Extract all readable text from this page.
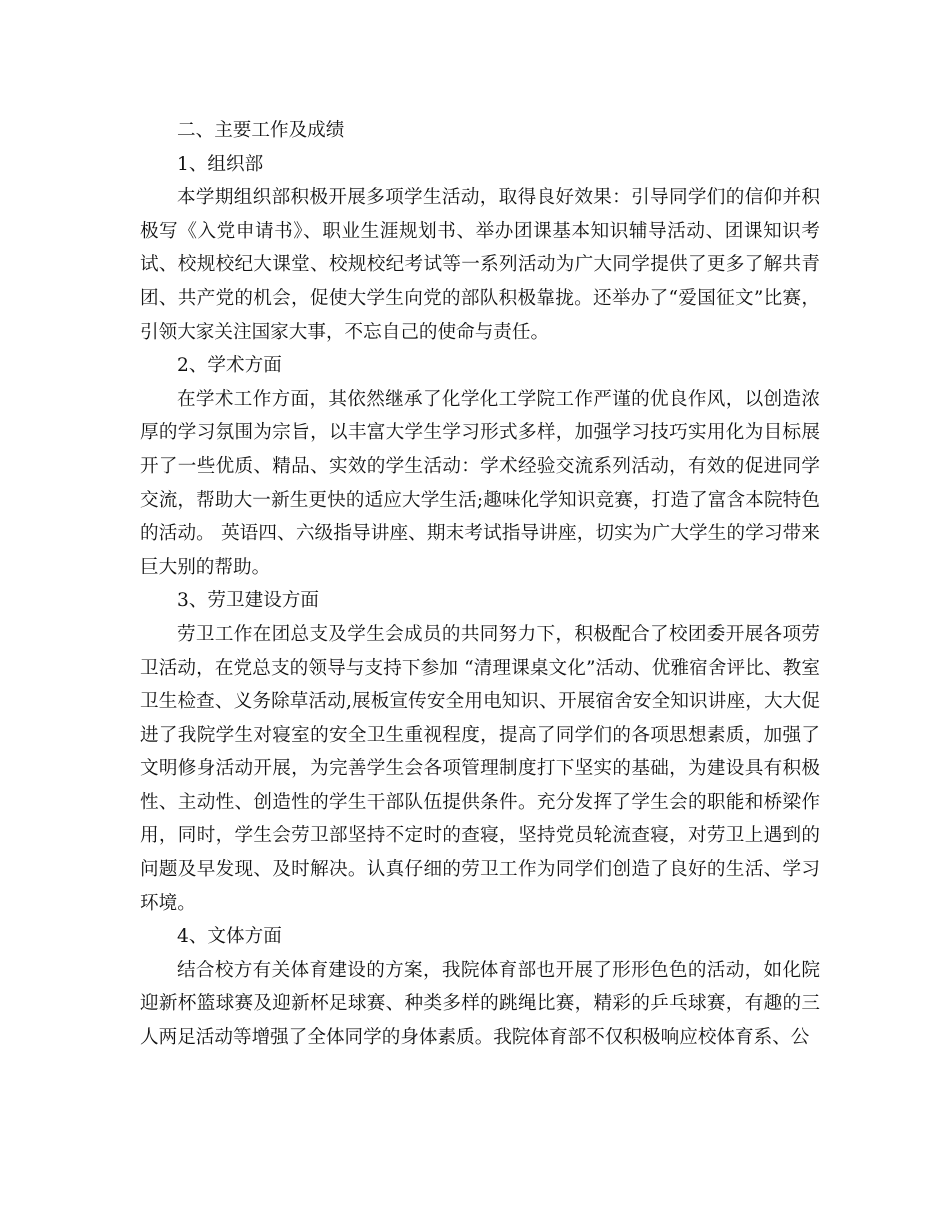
二、主要工作及成绩

1、组织部

本学期组织部积极开展多项学生活动，取得良好效果：引导同学们的信仰并积极写《入党申请书》、职业生涯规划书、举办团课基本知识辅导活动、团课知识考试、校规校纪大课堂、校规校纪考试等一系列活动为广大同学提供了更多了解共青团、共产党的机会，促使大学生向党的部队积极靠拢。还举办了“爱国征文”比赛，引领大家关注国家大事，不忘自己的使命与责任。

2、学术方面

在学术工作方面，其依然继承了化学化工学院工作严谨的优良作风，以创造浓厚的学习氛围为宗旨，以丰富大学生学习形式多样，加强学习技巧实用化为目标展开了一些优质、精品、实效的学生活动：学术经验交流系列活动，有效的促进同学交流，帮助大一新生更快的适应大学生活;趣味化学知识竞赛，打造了富含本院特色的活动。 英语四、六级指导讲座、期末考试指导讲座，切实为广大学生的学习带来巨大别的帮助。

3、劳卫建设方面

劳卫工作在团总支及学生会成员的共同努力下，积极配合了校团委开展各项劳卫活动，在党总支的领导与支持下参加 “清理课桌文化”活动、优雅宿舍评比、教室卫生检查、义务除草活动,展板宣传安全用电知识、开展宿舍安全知识讲座，大大促进了我院学生对寝室的安全卫生重视程度，提高了同学们的各项思想素质，加强了文明修身活动开展，为完善学生会各项管理制度打下坚实的基础，为建设具有积极性、主动性、创造性的学生干部队伍提供条件。充分发挥了学生会的职能和桥梁作用，同时，学生会劳卫部坚持不定时的查寝，坚持党员轮流查寝，对劳卫上遇到的问题及早发现、及时解决。认真仔细的劳卫工作为同学们创造了良好的生活、学习环境。

4、文体方面

结合校方有关体育建设的方案，我院体育部也开展了形形色色的活动，如化院迎新杯篮球赛及迎新杯足球赛、种类多样的跳绳比赛，精彩的乒乓球赛，有趣的三人两足活动等增强了全体同学的身体素质。我院体育部不仅积极响应校体育系、公
